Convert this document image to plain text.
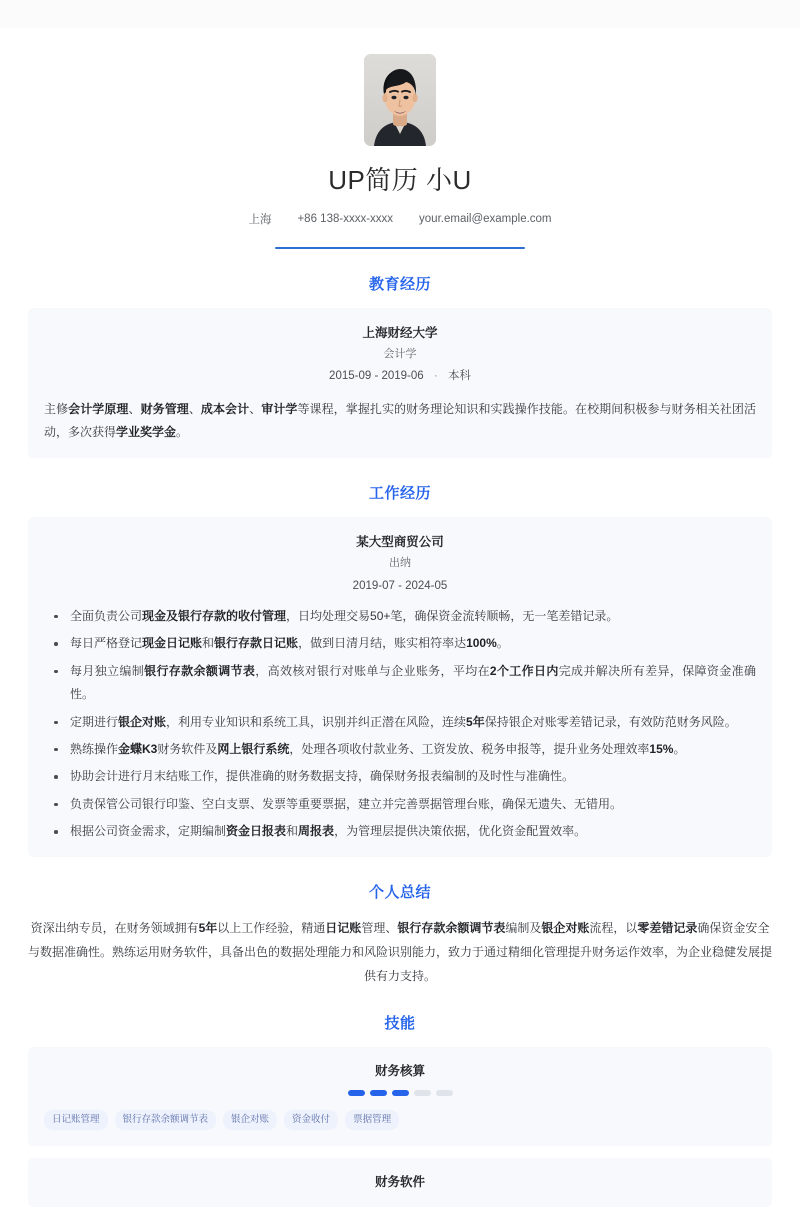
UP简历 小U
上海 +86 138-xxxx-xxxx your.email@example.com
教育经历
上海财经大学
会计学
2015-09 - 2019-06 · 本科
主修会计学原理、财务管理、成本会计、审计学等课程，掌握扎实的财务理论知识和实践操作技能。在校期间积极参与财务相关社团活动，多次获得学业奖学金。
工作经历
某大型商贸公司
出纳
2019-07 - 2024-05
全面负责公司现金及银行存款的收付管理，日均处理交易50+笔，确保资金流转顺畅，无一笔差错记录。
每日严格登记现金日记账和银行存款日记账，做到日清月结，账实相符率达100%。
每月独立编制银行存款余额调节表，高效核对银行对账单与企业账务，平均在2个工作日内完成并解决所有差异，保障资金准确性。
定期进行银企对账，利用专业知识和系统工具，识别并纠正潜在风险，连续5年保持银企对账零差错记录，有效防范财务风险。
熟练操作金蝶K3财务软件及网上银行系统，处理各项收付款业务、工资发放、税务申报等，提升业务处理效率15%。
协助会计进行月末结账工作，提供准确的财务数据支持，确保财务报表编制的及时性与准确性。
负责保管公司银行印鉴、空白支票、发票等重要票据，建立并完善票据管理台账，确保无遗失、无错用。
根据公司资金需求，定期编制资金日报表和周报表，为管理层提供决策依据，优化资金配置效率。
个人总结
资深出纳专员，在财务领域拥有5年以上工作经验，精通日记账管理、银行存款余额调节表编制及银企对账流程，以零差错记录确保资金安全与数据准确性。熟练运用财务软件，具备出色的数据处理能力和风险识别能力，致力于通过精细化管理提升财务运作效率，为企业稳健发展提供有力支持。
技能
财务核算
日记账管理	银行存款余额调节表	银企对账	资金收付	票据管理
财务软件
